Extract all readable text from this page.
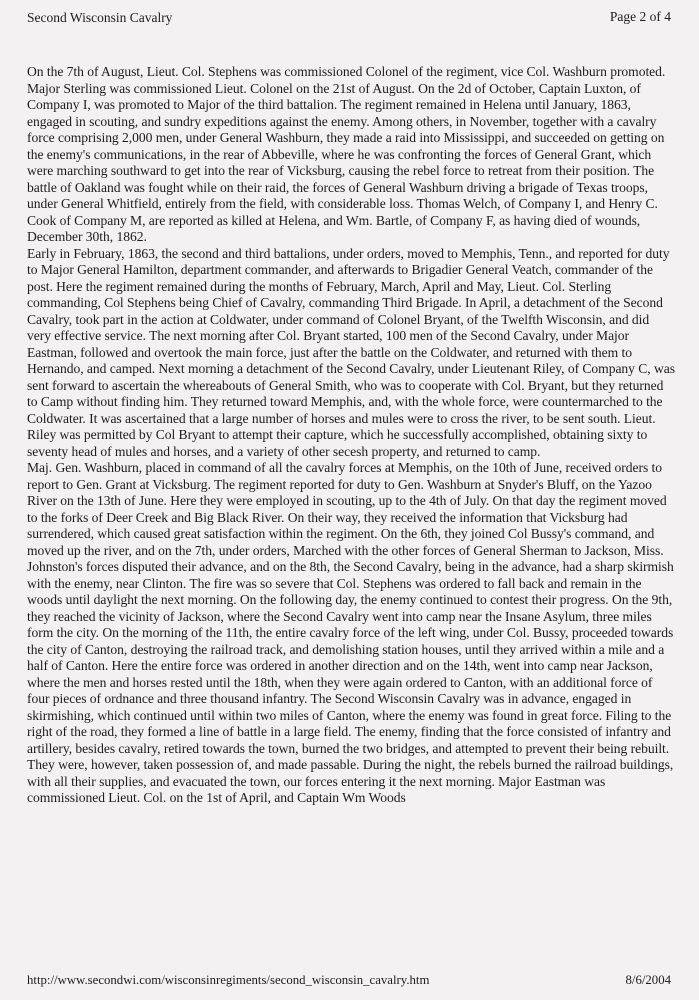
Second Wisconsin Cavalry	Page 2 of 4

On the 7th of August, Lieut. Col. Stephens was commissioned Colonel of the regiment, vice Col. Washburn promoted. Major Sterling was commissioned Lieut. Colonel on the 21st of August. On the 2d of October, Captain Luxton, of Company I, was promoted to Major of the third battalion. The regiment remained in Helena until January, 1863, engaged in scouting, and sundry expeditions against the enemy. Among others, in November, together with a cavalry force comprising 2,000 men, under General Washburn, they made a raid into Mississippi, and succeeded on getting on the enemy's communications, in the rear of Abbeville, where he was confronting the forces of General Grant, which were marching southward to get into the rear of Vicksburg, causing the rebel force to retreat from their position. The battle of Oakland was fought while on their raid, the forces of General Washburn driving a brigade of Texas troops, under General Whitfield, entirely from the field, with considerable loss. Thomas Welch, of Company I, and Henry C. Cook of Company M, are reported as killed at Helena, and Wm. Bartle, of Company F, as having died of wounds, December 30th, 1862.

Early in February, 1863, the second and third battalions, under orders, moved to Memphis, Tenn., and reported for duty to Major General Hamilton, department commander, and afterwards to Brigadier General Veatch, commander of the post. Here the regiment remained during the months of February, March, April and May, Lieut. Col. Sterling commanding, Col Stephens being Chief of Cavalry, commanding Third Brigade. In April, a detachment of the Second Cavalry, took part in the action at Coldwater, under command of Colonel Bryant, of the Twelfth Wisconsin, and did very effective service. The next morning after Col. Bryant started, 100 men of the Second Cavalry, under Major Eastman, followed and overtook the main force, just after the battle on the Coldwater, and returned with them to Hernando, and camped. Next morning a detachment of the Second Cavalry, under Lieutenant Riley, of Company C, was sent forward to ascertain the whereabouts of General Smith, who was to cooperate with Col. Bryant, but they returned to Camp without finding him. They returned toward Memphis, and, with the whole force, were countermarched to the Coldwater. It was ascertained that a large number of horses and mules were to cross the river, to be sent south. Lieut. Riley was permitted by Col Bryant to attempt their capture, which he successfully accomplished, obtaining sixty to seventy head of mules and horses, and a variety of other secesh property, and returned to camp.

Maj. Gen. Washburn, placed in command of all the cavalry forces at Memphis, on the 10th of June, received orders to report to Gen. Grant at Vicksburg. The regiment reported for duty to Gen. Washburn at Snyder's Bluff, on the Yazoo River on the 13th of June. Here they were employed in scouting, up to the 4th of July. On that day the regiment moved to the forks of Deer Creek and Big Black River. On their way, they received the information that Vicksburg had surrendered, which caused great satisfaction within the regiment. On the 6th, they joined Col Bussy's command, and moved up the river, and on the 7th, under orders, Marched with the other forces of General Sherman to Jackson, Miss. Johnston's forces disputed their advance, and on the 8th, the Second Cavalry, being in the advance, had a sharp skirmish with the enemy, near Clinton. The fire was so severe that Col. Stephens was ordered to fall back and remain in the woods until daylight the next morning. On the following day, the enemy continued to contest their progress. On the 9th, they reached the vicinity of Jackson, where the Second Cavalry went into camp near the Insane Asylum, three miles form the city. On the morning of the 11th, the entire cavalry force of the left wing, under Col. Bussy, proceeded towards the city of Canton, destroying the railroad track, and demolishing station houses, until they arrived within a mile and a half of Canton. Here the entire force was ordered in another direction and on the 14th, went into camp near Jackson, where the men and horses rested until the 18th, when they were again ordered to Canton, with an additional force of four pieces of ordnance and three thousand infantry. The Second Wisconsin Cavalry was in advance, engaged in skirmishing, which continued until within two miles of Canton, where the enemy was found in great force. Filing to the right of the road, they formed a line of battle in a large field. The enemy, finding that the force consisted of infantry and artillery, besides cavalry, retired towards the town, burned the two bridges, and attempted to prevent their being rebuilt. They were, however, taken possession of, and made passable. During the night, the rebels burned the railroad buildings, with all their supplies, and evacuated the town, our forces entering it the next morning. Major Eastman was commissioned Lieut. Col. on the 1st of April, and Captain Wm Woods

http://www.secondwi.com/wisconsinregiments/second_wisconsin_cavalry.htm	8/6/2004
